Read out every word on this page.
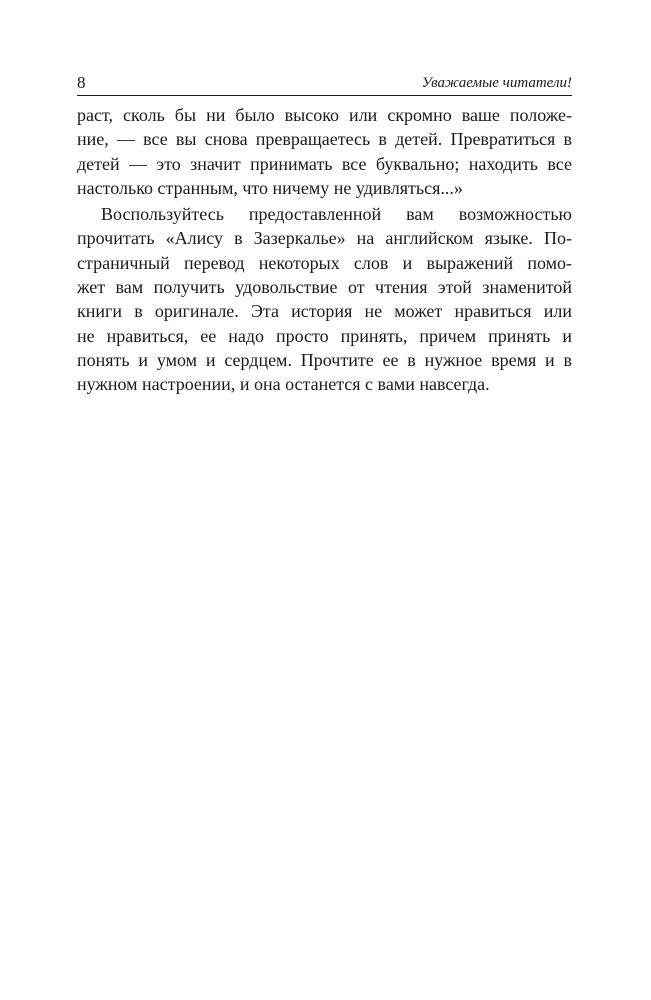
8	Уважаемые читатели!
раст, сколь бы ни было высоко или скромно ваше положе-
ние, — все вы снова превращаетесь в детей. Превратиться в
детей — это значит принимать все буквально; находить все
настолько странным, что ничему не удивляться...»
Воспользуйтесь предоставленной вам возможностью
прочитать «Алису в Зазеркалье» на английском языке. По-
страничный перевод некоторых слов и выражений помо-
жет вам получить удовольствие от чтения этой знаменитой
книги в оригинале. Эта история не может нравиться или
не нравиться, ее надо просто принять, причем принять и
понять и умом и сердцем. Прочтите ее в нужное время и в
нужном настроении, и она останется с вами навсегда.
